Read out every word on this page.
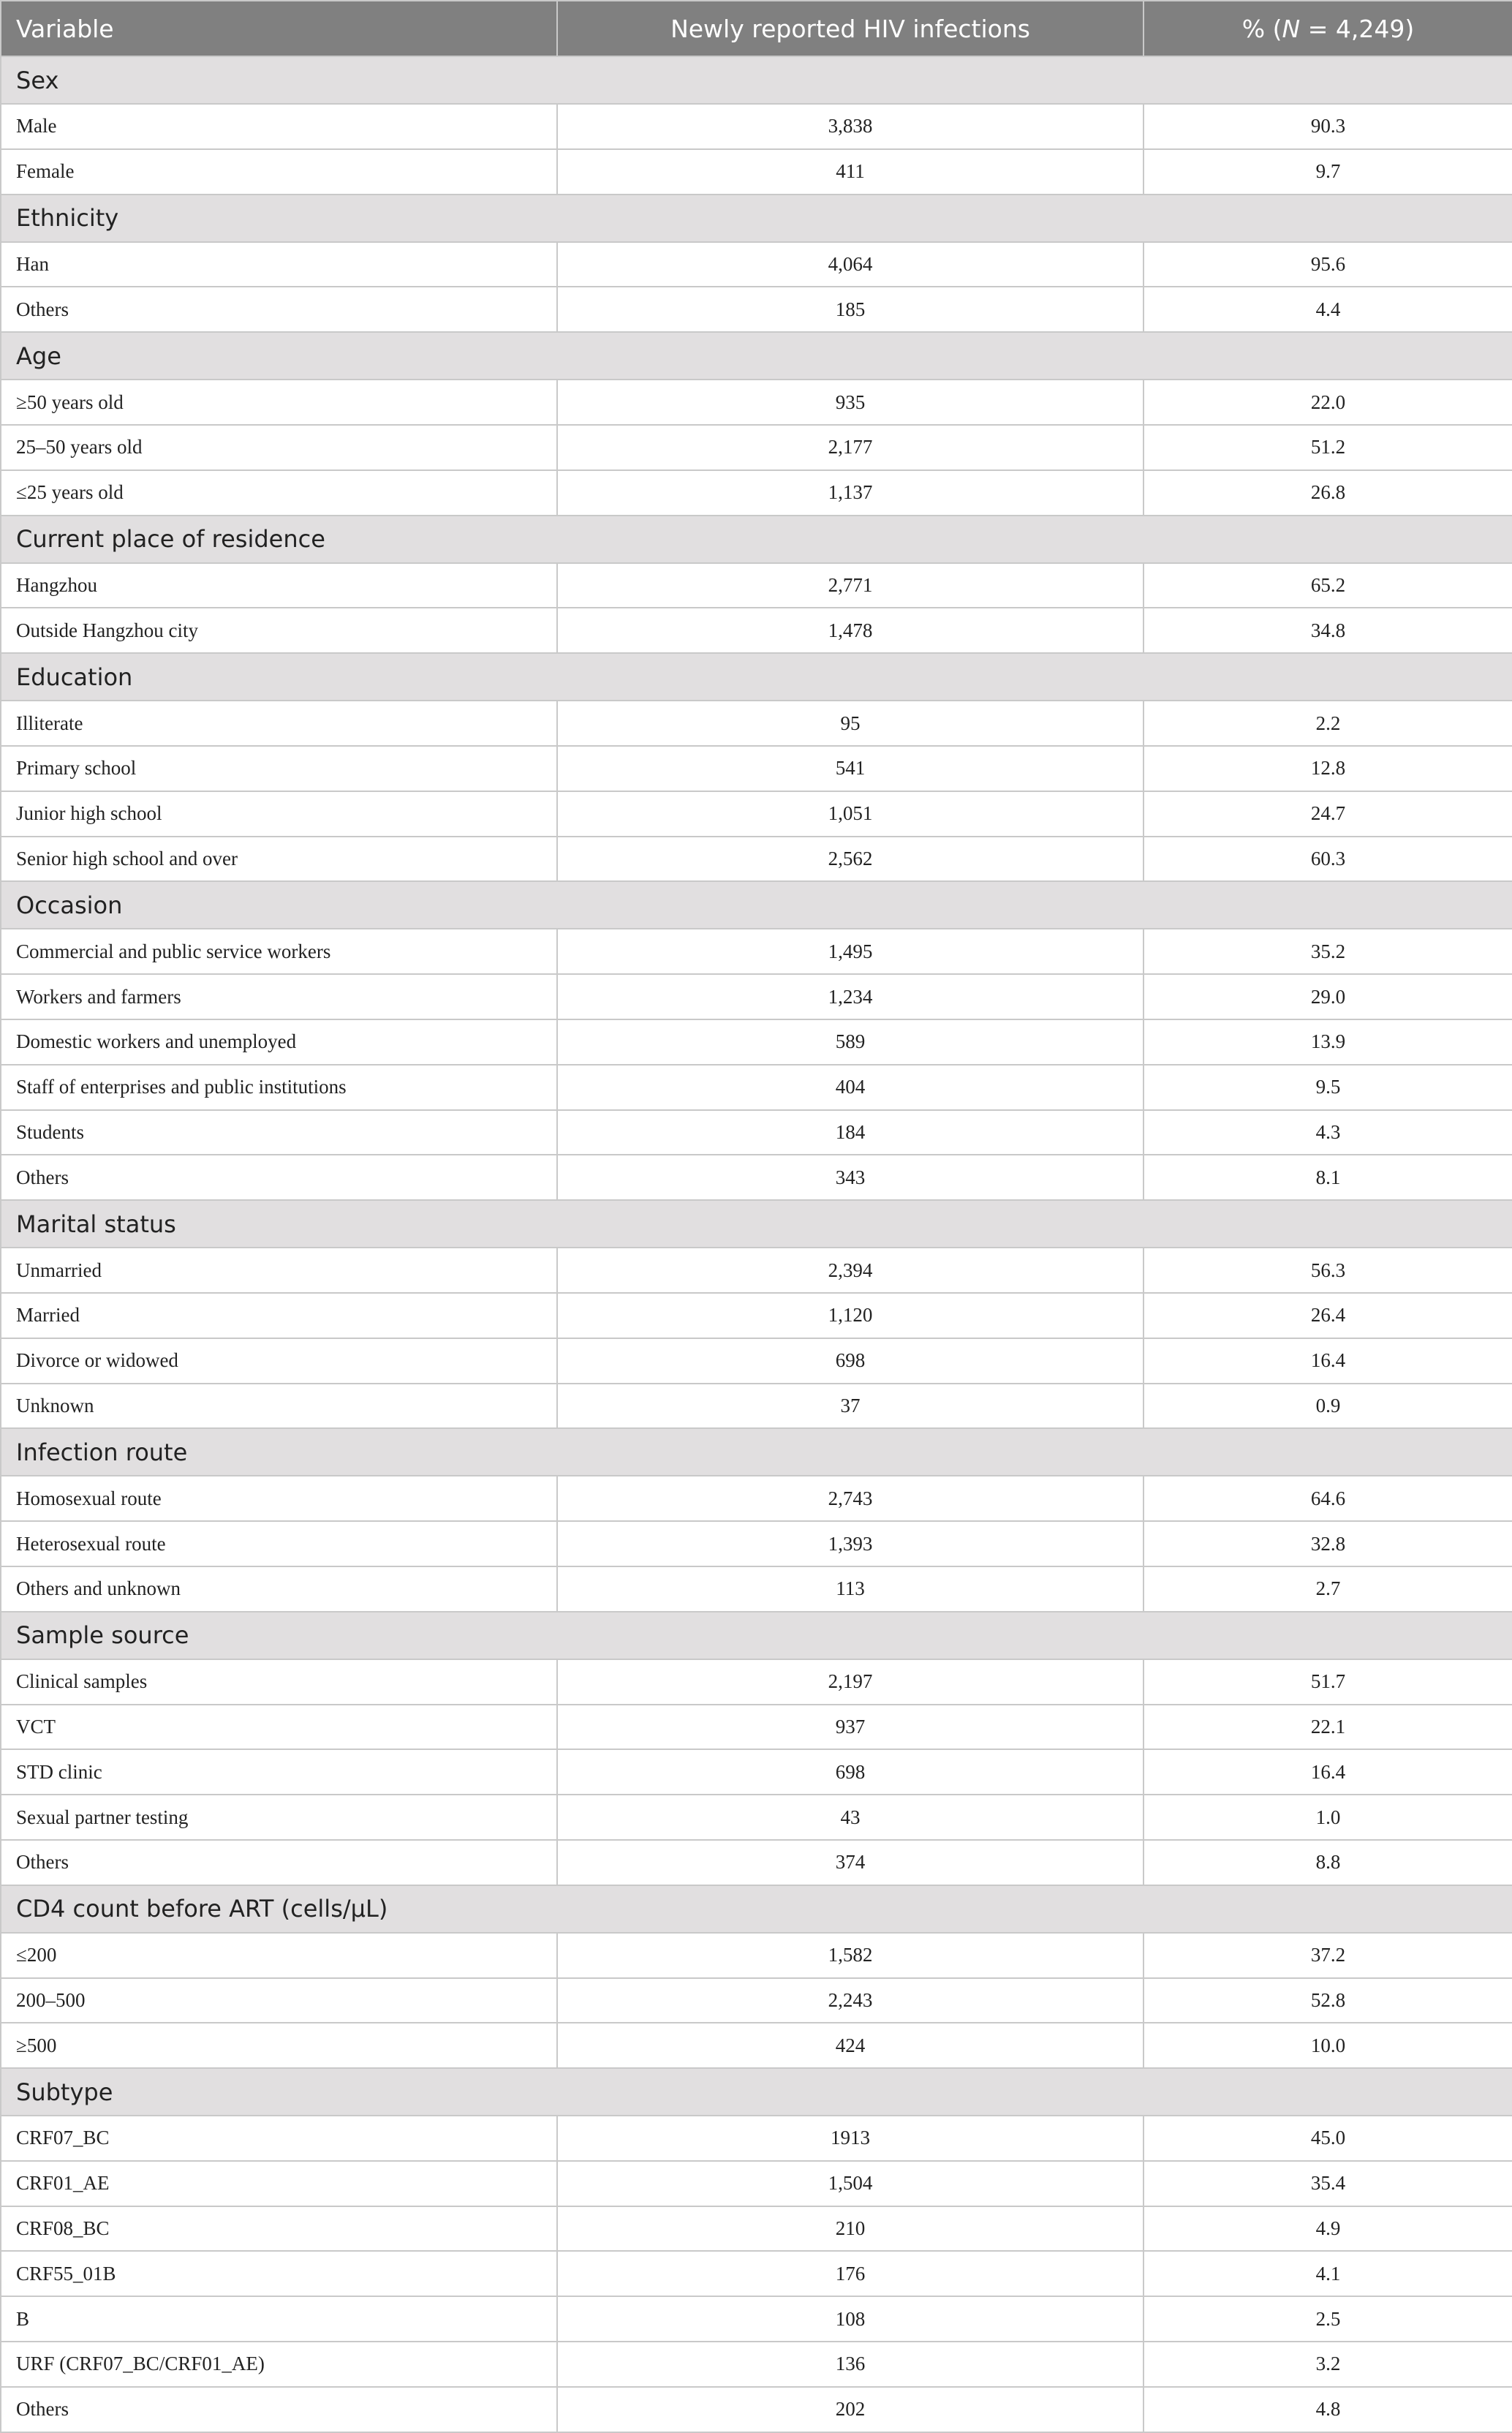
Variable	Newly reported HIV infections	% (N = 4,249)
Sex		
Male	3,838	90.3
Female	411	9.7
Ethnicity		
Han	4,064	95.6
Others	185	4.4
Age		
≥50 years old	935	22.0
25–50 years old	2,177	51.2
≤25 years old	1,137	26.8
Current place of residence		
Hangzhou	2,771	65.2
Outside Hangzhou city	1,478	34.8
Education		
Illiterate	95	2.2
Primary school	541	12.8
Junior high school	1,051	24.7
Senior high school and over	2,562	60.3
Occasion		
Commercial and public service workers	1,495	35.2
Workers and farmers	1,234	29.0
Domestic workers and unemployed	589	13.9
Staff of enterprises and public institutions	404	9.5
Students	184	4.3
Others	343	8.1
Marital status		
Unmarried	2,394	56.3
Married	1,120	26.4
Divorce or widowed	698	16.4
Unknown	37	0.9
Infection route		
Homosexual route	2,743	64.6
Heterosexual route	1,393	32.8
Others and unknown	113	2.7
Sample source		
Clinical samples	2,197	51.7
VCT	937	22.1
STD clinic	698	16.4
Sexual partner testing	43	1.0
Others	374	8.8
CD4 count before ART (cells/μL)		
≤200	1,582	37.2
200–500	2,243	52.8
≥500	424	10.0
Subtype		
CRF07_BC	1913	45.0
CRF01_AE	1,504	35.4
CRF08_BC	210	4.9
CRF55_01B	176	4.1
B	108	2.5
URF (CRF07_BC/CRF01_AE)	136	3.2
Others	202	4.8
